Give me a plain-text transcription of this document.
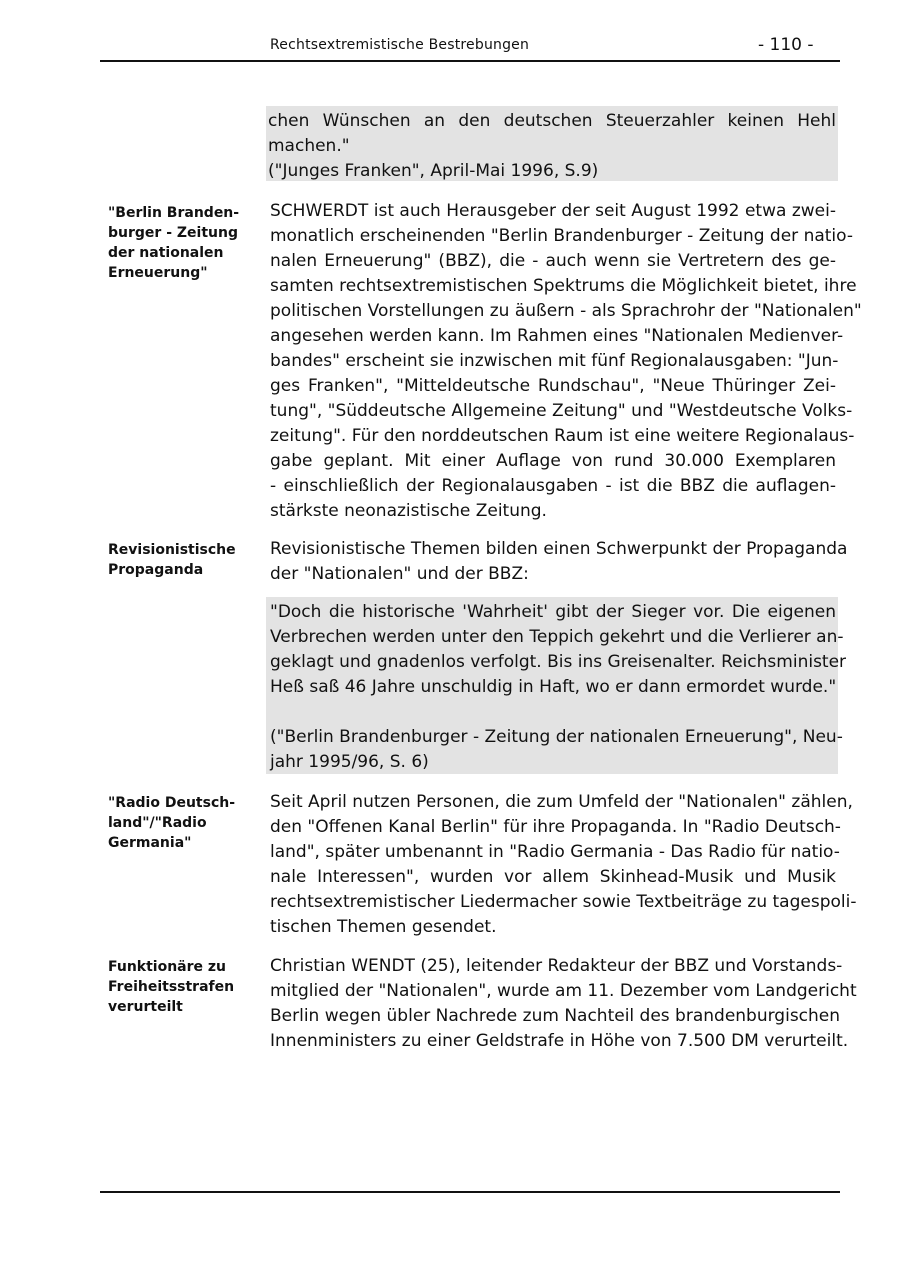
Rechtsextremistische Bestrebungen	- 110 -
chen Wünschen an den deutschen Steuerzahler keinen Hehl
machen."
("Junges Franken", April-Mai 1996, S.9)
"Berlin Branden-
burger - Zeitung
der nationalen
Erneuerung"
SCHWERDT ist auch Herausgeber der seit August 1992 etwa zwei-
monatlich erscheinenden "Berlin Brandenburger - Zeitung der natio-
nalen Erneuerung" (BBZ), die - auch wenn sie Vertretern des ge-
samten rechtsextremistischen Spektrums die Möglichkeit bietet, ihre
politischen Vorstellungen zu äußern - als Sprachrohr der "Nationalen"
angesehen werden kann. Im Rahmen eines "Nationalen Medienver-
bandes" erscheint sie inzwischen mit fünf Regionalausgaben: "Jun-
ges Franken", "Mitteldeutsche Rundschau", "Neue Thüringer Zei-
tung", "Süddeutsche Allgemeine Zeitung" und "Westdeutsche Volks-
zeitung". Für den norddeutschen Raum ist eine weitere Regionalaus-
gabe geplant. Mit einer Auflage von rund 30.000 Exemplaren
- einschließlich der Regionalausgaben - ist die BBZ die auflagen-
stärkste neonazistische Zeitung.
Revisionistische
Propaganda
Revisionistische Themen bilden einen Schwerpunkt der Propaganda
der "Nationalen" und der BBZ:
"Doch die historische 'Wahrheit' gibt der Sieger vor. Die eigenen
Verbrechen werden unter den Teppich gekehrt und die Verlierer an-
geklagt und gnadenlos verfolgt. Bis ins Greisenalter. Reichsminister
Heß saß 46 Jahre unschuldig in Haft, wo er dann ermordet wurde."
("Berlin Brandenburger - Zeitung der nationalen Erneuerung", Neu-
jahr 1995/96, S. 6)
"Radio Deutsch-
land"/"Radio
Germania"
Seit April nutzen Personen, die zum Umfeld der "Nationalen" zählen,
den "Offenen Kanal Berlin" für ihre Propaganda. In "Radio Deutsch-
land", später umbenannt in "Radio Germania - Das Radio für natio-
nale Interessen", wurden vor allem Skinhead-Musik und Musik
rechtsextremistischer Liedermacher sowie Textbeiträge zu tagespoli-
tischen Themen gesendet.
Funktionäre zu
Freiheitsstrafen
verurteilt
Christian WENDT (25), leitender Redakteur der BBZ und Vorstands-
mitglied der "Nationalen", wurde am 11. Dezember vom Landgericht
Berlin wegen übler Nachrede zum Nachteil des brandenburgischen
Innenministers zu einer Geldstrafe in Höhe von 7.500 DM verurteilt.
